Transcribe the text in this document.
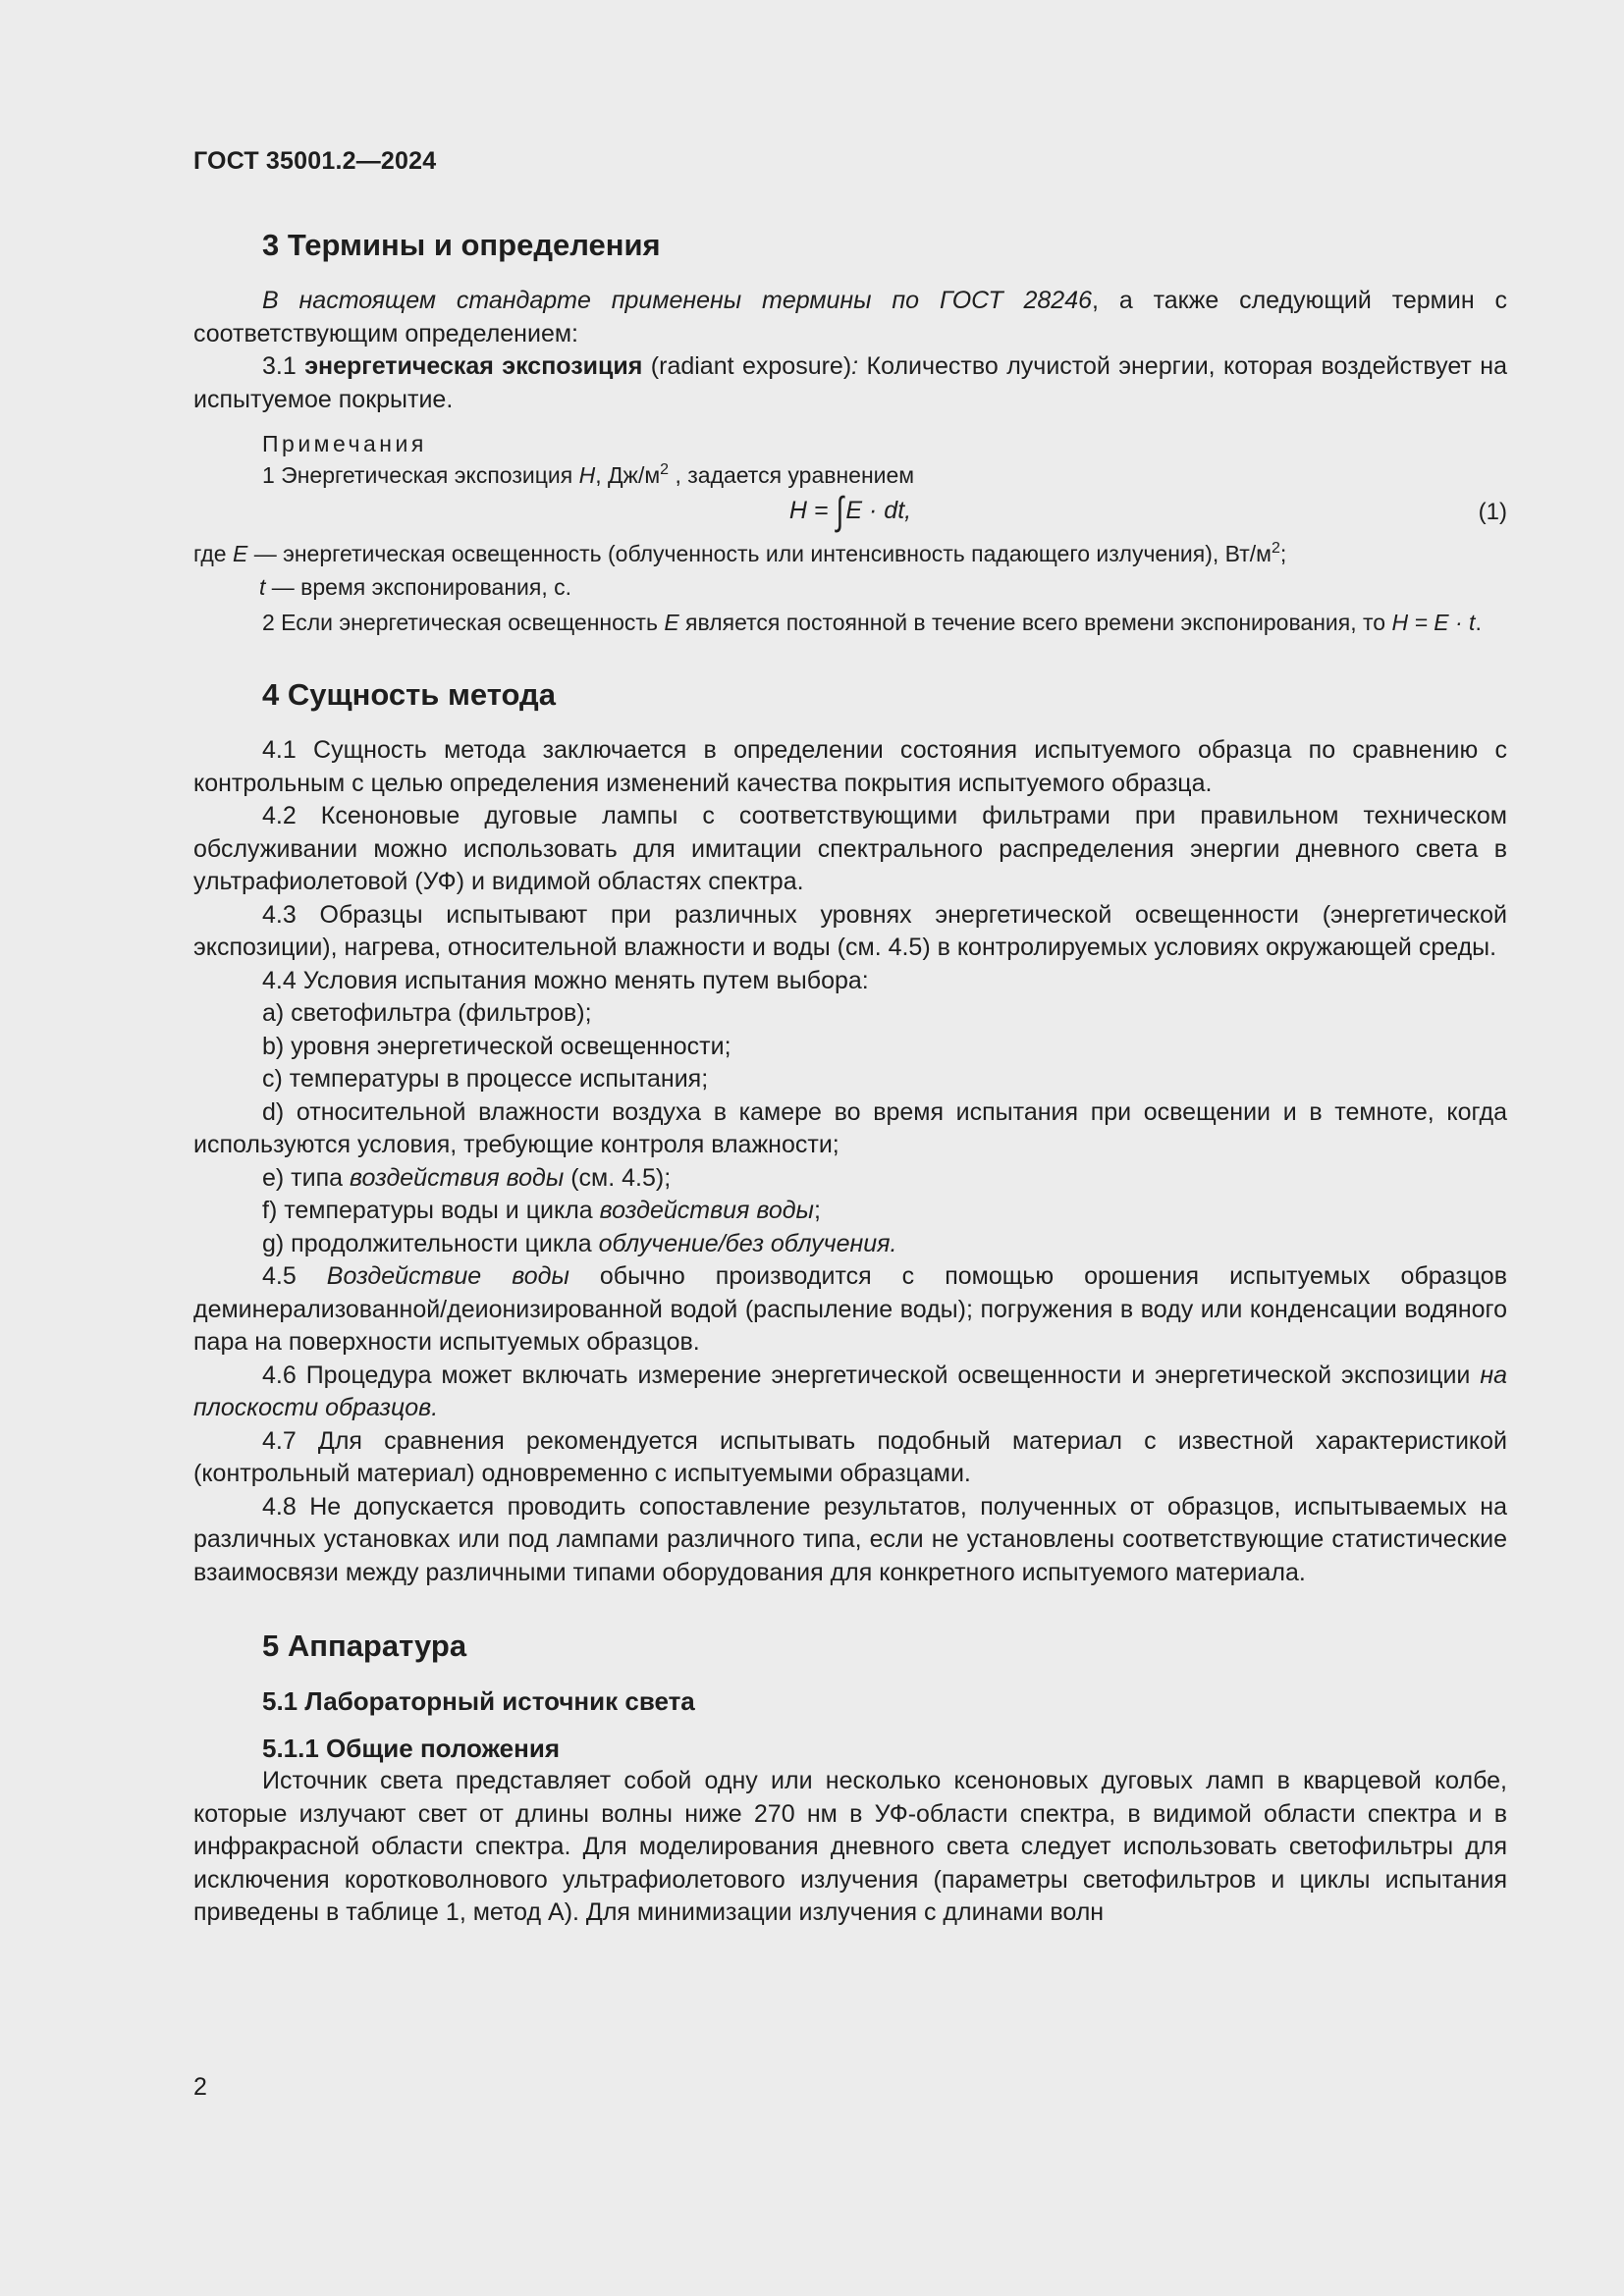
ГОСТ 35001.2—2024
3 Термины и определения

В настоящем стандарте применены термины по ГОСТ 28246, а также следующий термин с соответствующим определением:

3.1 энергетическая экспозиция (radiant exposure): Количество лучистой энергии, которая воздействует на испытуемое покрытие.

Примечания

1 Энергетическая экспозиция H, $Дж/м^2$ , задается уравнением

H = ∫E · dt,	(1)

где E — энергетическая освещенность (облученность или интенсивность падающего излучения), $Вт/м^2$;

t — время экспонирования, с.

2 Если энергетическая освещенность E является постоянной в течение всего времени экспонирования, то H = E · t.

4 Сущность метода

4.1 Сущность метода заключается в определении состояния испытуемого образца по сравнению с контрольным с целью определения изменений качества покрытия испытуемого образца.

4.2 Ксеноновые дуговые лампы с соответствующими фильтрами при правильном техническом обслуживании можно использовать для имитации спектрального распределения энергии дневного света в ультрафиолетовой (УФ) и видимой областях спектра.

4.3 Образцы испытывают при различных уровнях энергетической освещенности (энергетической экспозиции), нагрева, относительной влажности и воды (см. 4.5) в контролируемых условиях окружающей среды.

4.4 Условия испытания можно менять путем выбора:

a) светофильтра (фильтров);

b) уровня энергетической освещенности;

c) температуры в процессе испытания;

d) относительной влажности воздуха в камере во время испытания при освещении и в темноте, когда используются условия, требующие контроля влажности;

e) типа воздействия воды (см. 4.5);

f) температуры воды и цикла воздействия воды;

g) продолжительности цикла облучение/без облучения.

4.5 Воздействие воды обычно производится с помощью орошения испытуемых образцов деминерализованной/деионизированной водой (распыление воды); погружения в воду или конденсации водяного пара на поверхности испытуемых образцов.

4.6 Процедура может включать измерение энергетической освещенности и энергетической экспозиции на плоскости образцов.

4.7 Для сравнения рекомендуется испытывать подобный материал с известной характеристикой (контрольный материал) одновременно с испытуемыми образцами.

4.8 Не допускается проводить сопоставление результатов, полученных от образцов, испытываемых на различных установках или под лампами различного типа, если не установлены соответствующие статистические взаимосвязи между различными типами оборудования для конкретного испытуемого материала.

5 Аппаратура
5.1 Лабораторный источник света
5.1.1 Общие положения

Источник света представляет собой одну или несколько ксеноновых дуговых ламп в кварцевой колбе, которые излучают свет от длины волны ниже 270 нм в УФ-области спектра, в видимой области спектра и в инфракрасной области спектра. Для моделирования дневного света следует использовать светофильтры для исключения коротковолнового ультрафиолетового излучения (параметры светофильтров и циклы испытания приведены в таблице 1, метод А). Для минимизации излучения с длинами волн

2
